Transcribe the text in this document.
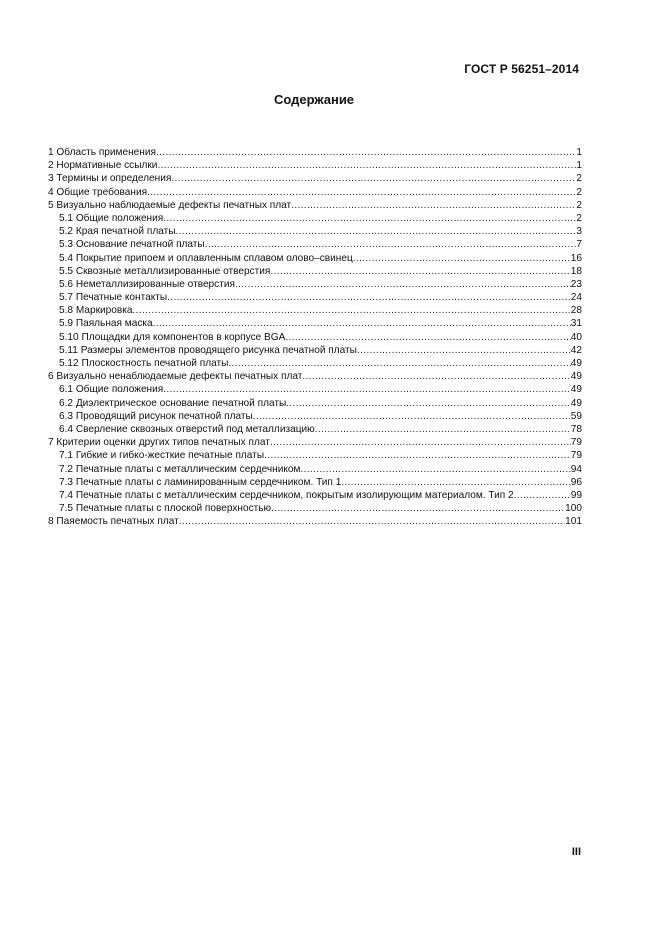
ГОСТ Р 56251–2014
Содержание
1 Область применения .....	1
2 Нормативные ссылки .....	1
3 Термины и определения .....	2
4 Общие требования .....	2
5 Визуально наблюдаемые дефекты печатных плат .....	2
5.1 Общие положения .....	2
5.2 Края печатной платы .....	3
5.3 Основание печатной платы .....	7
5.4 Покрытие припоем и оплавленным сплавом олово–свинец .....	16
5.5 Сквозные металлизированные отверстия .....	18
5.6 Неметаллизированные отверстия .....	23
5.7 Печатные контакты .....	24
5.8 Маркировка .....	28
5.9 Паяльная маска .....	31
5.10 Площадки для компонентов в корпусе BGA .....	40
5.11 Размеры элементов проводящего рисунка печатной платы .....	42
5.12 Плоскостность печатной платы .....	49
6 Визуально ненаблюдаемые дефекты печатных плат .....	49
6.1 Общие положения .....	49
6.2 Диэлектрическое основание печатной платы .....	49
6.3 Проводящий рисунок печатной платы .....	59
6.4 Сверление сквозных отверстий под металлизацию .....	78
7 Критерии оценки других типов печатных плат .....	79
7.1 Гибкие и гибко-жесткие печатные платы .....	79
7.2 Печатные платы с металлическим сердечником .....	94
7.3 Печатные платы с ламинированным сердечником. Тип 1 .....	96
7.4 Печатные платы с металлическим сердечником, покрытым изолирующим материалом. Тип 2 .....	99
7.5 Печатные платы с плоской поверхностью .....	100
8 Паяемость печатных плат .....	101
III
